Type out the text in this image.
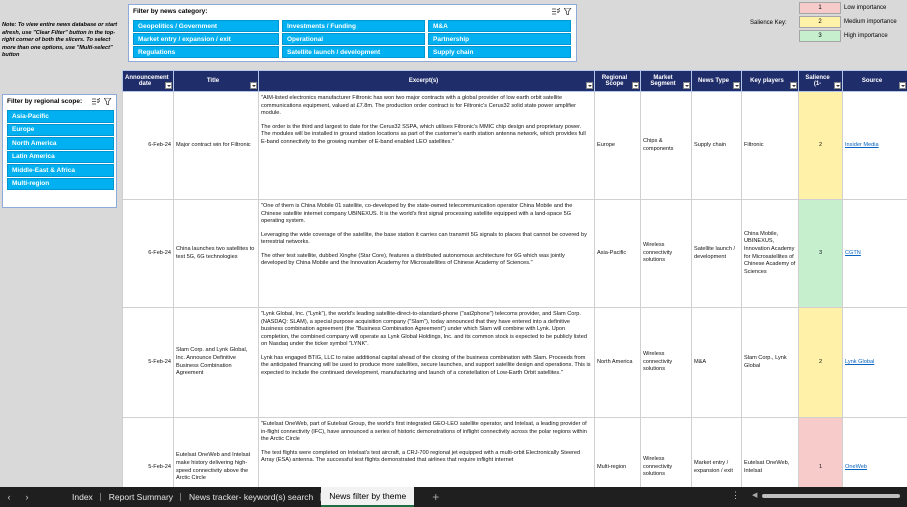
Note: To view entire news database or start afresh, use "Clear Filter" button in the top-right corner of both the slicers. To select more than one options, use "Multi-select" button
Filter by news category:
Geopolitics / Government	Investments / Funding	M&A
Market entry / expansion / exit	Operational	Partnership
Regulations	Satellite launch / development	Supply chain
Filter by regional scope:
Asia-Pacific
Europe
North America
Latin America
Middle-East & Africa
Multi-region
Salience Key:
1	Low importance
2	Medium importance
3	High importance
Announcement date	Title	Excerpt(s)	Regional Scope	Market Segment	News Type	Key players	Salience (1-	Source

6-Feb-24	Major contract win for Filtronic	"AIM-listed electronics manufacturer Filtronic has won two major contracts with a global provider of low earth orbit satellite communications equipment, valued at £7.8m. The production order contract is for Filtronic's Cerus32 solid state power amplifier module.

The order is the third and largest to date for the Cerus32 SSPA, which utilises Filtronic's MMIC chip design and proprietary power. The modules will be installed in ground station locations as part of the customer's earth station antenna network, which provides full E-band connectivity to the growing number of E-band enabled LEO satellites."	Europe	Chips & components	Supply chain	Filtronic	2	Insider Media
6-Feb-24	China launches two satellites to test 5G, 6G technologies	"One of them is China Mobile 01 satellite, co-developed by the state-owned telecommunication operator China Mobile and the Chinese satellite internet company UBINEXUS. It is the world's first signal processing satellite equipped with a land-space 5G operating system.

Leveraging the wide coverage of the satellite, the base station it carries can transmit 5G signals to places that cannot be covered by terrestrial networks.

The other test satellite, dubbed Xinghe (Star Core), features a distributed autonomous architecture for 6G which was jointly developed by China Mobile and the Innovation Academy for Microsatellites of Chinese Academy of Sciences."	Asia-Pacific	Wireless connectivity solutions	Satellite launch / development	China Mobile, UBINEXUS, Innovation Academy for Microsatellites of Chinese Academy of Sciences	3	CGTN
5-Feb-24	Slam Corp. and Lynk Global, Inc. Announce Definitive Business Combination Agreement	"Lynk Global, Inc. ("Lynk"), the world's leading satellite-direct-to-standard-phone ("sat2phone") telecoms provider, and Slam Corp. (NASDAQ: SLAM), a special purpose acquisition company ("Slam"), today announced that they have entered into a definitive business combination agreement (the "Business Combination Agreement") under which Slam will combine with Lynk. Upon completion, the combined company will operate as Lynk Global Holdings, Inc. and its common stock is expected to be publicly listed on Nasdaq under the ticker symbol "LYNK".

Lynk has engaged BTIG, LLC to raise additional capital ahead of the closing of the business combination with Slam. Proceeds from the anticipated financing will be used to produce more satellites, secure launches, and support satellite design and operations. This is expected to include the continued development, manufacturing and launch of a constellation of Low-Earth Orbit satellites."	North America	Wireless connectivity solutions	M&A	Slam Corp., Lynk Global	2	Lynk Global
5-Feb-24	Eutelsat OneWeb and Intelsat make history delivering high-speed connectivity above the Arctic Circle	"Eutelsat OneWeb, part of Eutelsat Group, the world's first integrated GEO-LEO satellite operator, and Intelsat, a leading provider of in-flight connectivity (IFC), have announced a series of historic demonstrations of inflight connectivity across the polar regions within the Arctic Circle

The test flights were completed on Intelsat's test aircraft, a CRJ-700 regional jet equipped with a multi-orbit Electronically Steered Array (ESA) antenna. The successful test flights demonstrated that airlines that require inflight internet	Multi-region	Wireless connectivity solutions	Market entry / expansion / exit	Eutelsat OneWeb, Intelsat	1	OneWeb
‹	›	Index	Report Summary	News tracker- keyword(s) search	News filter by theme +	⋮ ◀
